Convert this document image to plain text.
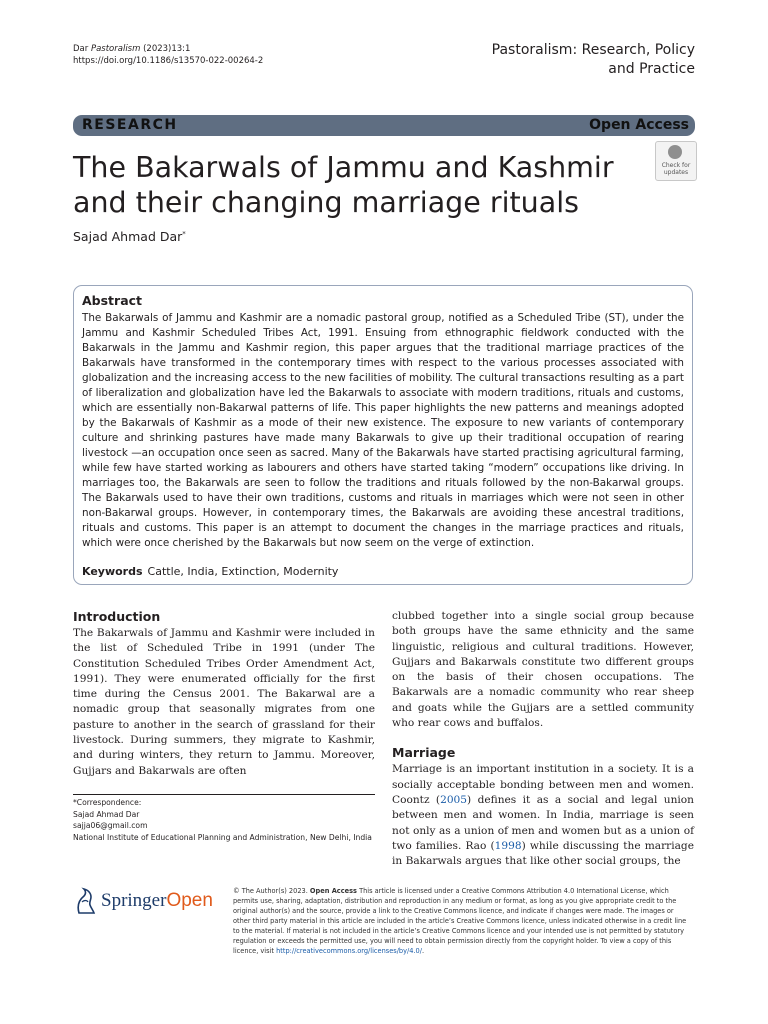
Dar Pastoralism (2023)13:1
https://doi.org/10.1186/s13570-022-00264-2
Pastoralism: Research, Policy
and Practice
RESEARCH	Open Access
The Bakarwals of Jammu and Kashmir
and their changing marriage rituals
Check for
updates
Sajad Ahmad Dar*
Abstract
The Bakarwals of Jammu and Kashmir are a nomadic pastoral group, notified as a Scheduled Tribe (ST), under the Jammu and Kashmir Scheduled Tribes Act, 1991. Ensuing from ethnographic fieldwork conducted with the Bakarwals in the Jammu and Kashmir region, this paper argues that the traditional marriage practices of the Bakarwals have transformed in the contemporary times with respect to the various processes associated with globalization and the increasing access to the new facilities of mobility. The cultural transactions resulting as a part of liberalization and globalization have led the Bakarwals to associate with modern traditions, rituals and customs, which are essentially non-Bakarwal patterns of life. This paper highlights the new patterns and meanings adopted by the Bakarwals of Kashmir as a mode of their new existence. The exposure to new variants of contemporary culture and shrinking pastures have made many Bakarwals to give up their traditional occupation of rearing livestock —an occupation once seen as sacred. Many of the Bakarwals have started practising agricultural farming, while few have started working as labourers and others have started taking “modern” occupations like driving. In marriages too, the Bakarwals are seen to follow the traditions and rituals followed by the non-Bakarwal groups. The Bakarwals used to have their own traditions, customs and rituals in marriages which were not seen in other non-Bakarwal groups. However, in contemporary times, the Bakarwals are avoiding these ancestral traditions, rituals and customs. This paper is an attempt to document the changes in the marriage practices and rituals, which were once cherished by the Bakarwals but now seem on the verge of extinction.
Keywords Cattle, India, Extinction, Modernity
Introduction

The Bakarwals of Jammu and Kashmir were included in the list of Scheduled Tribe in 1991 (under The Constitution Scheduled Tribes Order Amendment Act, 1991). They were enumerated officially for the first time during the Census 2001. The Bakarwal are a nomadic group that seasonally migrates from one pasture to another in the search of grassland for their livestock. During summers, they migrate to Kashmir, and during winters, they return to Jammu. Moreover, Gujjars and Bakarwals are often

clubbed together into a single social group because both groups have the same ethnicity and the same linguistic, religious and cultural traditions. However, Gujjars and Bakarwals constitute two different groups on the basis of their chosen occupations. The Bakarwals are a nomadic community who rear sheep and goats while the Gujjars are a settled community who rear cows and buffalos.

Marriage

Marriage is an important institution in a society. It is a socially acceptable bonding between men and women. Coontz (2005) defines it as a social and legal union between men and women. In India, marriage is seen not only as a union of men and women but as a union of two families. Rao (1998) while discussing the marriage in Bakarwals argues that like other social groups, the

*Correspondence:
Sajad Ahmad Dar
sajja06@gmail.com
National Institute of Educational Planning and Administration, New Delhi, India
SpringerOpen	© The Author(s) 2023. Open Access This article is licensed under a Creative Commons Attribution 4.0 International License, which permits use, sharing, adaptation, distribution and reproduction in any medium or format, as long as you give appropriate credit to the original author(s) and the source, provide a link to the Creative Commons licence, and indicate if changes were made. The images or other third party material in this article are included in the article’s Creative Commons licence, unless indicated otherwise in a credit line to the material. If material is not included in the article’s Creative Commons licence and your intended use is not permitted by statutory regulation or exceeds the permitted use, you will need to obtain permission directly from the copyright holder. To view a copy of this licence, visit http://creativecommons.org/licenses/by/4.0/.
